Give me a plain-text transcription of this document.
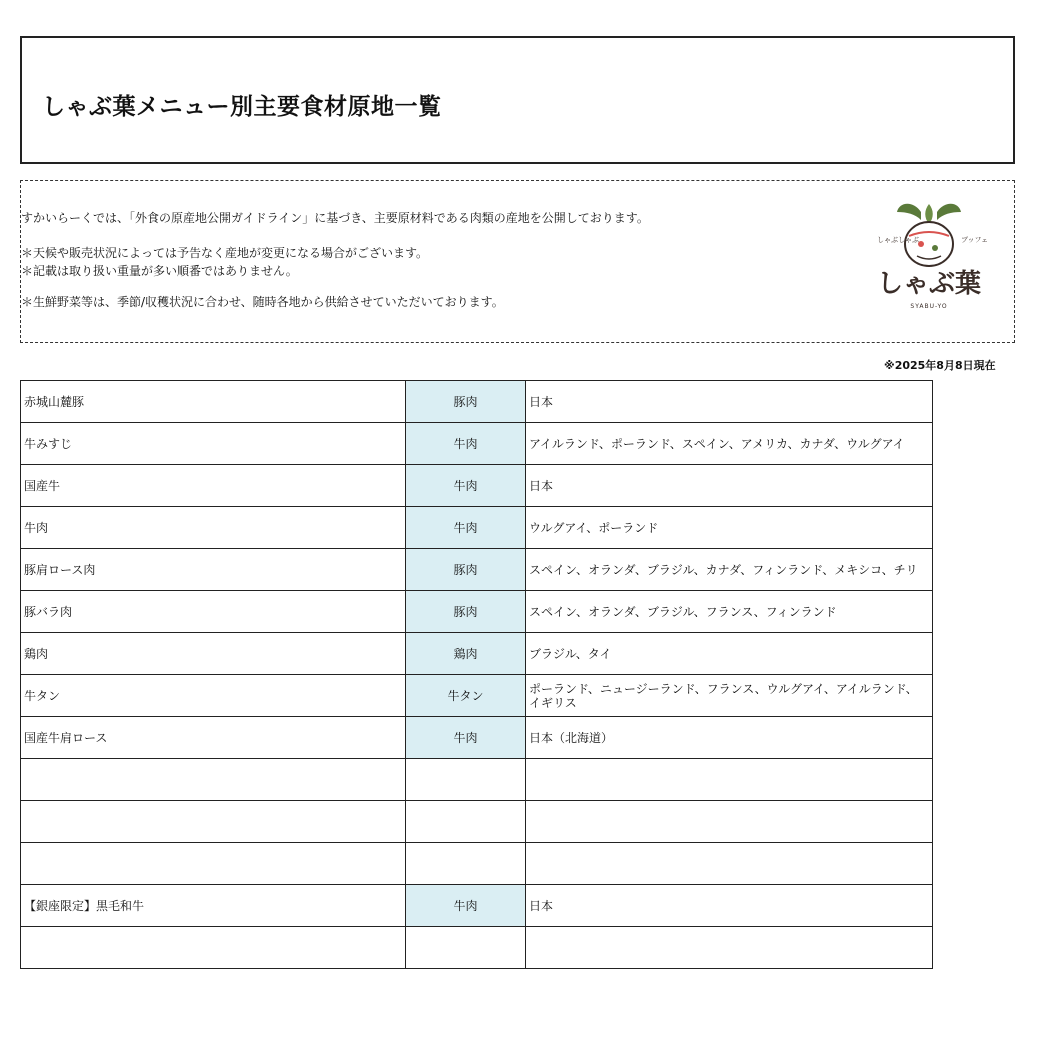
しゃぶ葉メニュー別主要食材原地一覧

すかいらーくでは、「外食の原産地公開ガイドライン」に基づき、主要原材料である肉類の産地を公開しております。

＊天候や販売状況によっては予告なく産地が変更になる場合がございます。

＊記載は取り扱い重量が多い順番ではありません。

＊生鮮野菜等は、季節/収穫状況に合わせ、随時各地から供給させていただいております。

しゃぶしゃぶ	ブッフェ
しゃぶ葉
SYABU-YO
※2025年8月8日現在
赤城山麓豚	豚肉	日本
牛みすじ	牛肉	アイルランド、ポーランド、スペイン、アメリカ、カナダ、ウルグアイ
国産牛	牛肉	日本
牛肉	牛肉	ウルグアイ、ポーランド
豚肩ロース肉	豚肉	スペイン、オランダ、ブラジル、カナダ、フィンランド、メキシコ、チリ
豚バラ肉	豚肉	スペイン、オランダ、ブラジル、フランス、フィンランド
鶏肉	鶏肉	ブラジル、タイ
牛タン	牛タン	ポーランド、ニュージーランド、フランス、ウルグアイ、アイルランド、イギリス
国産牛肩ロース	牛肉	日本（北海道）

【銀座限定】黒毛和牛	牛肉	日本
